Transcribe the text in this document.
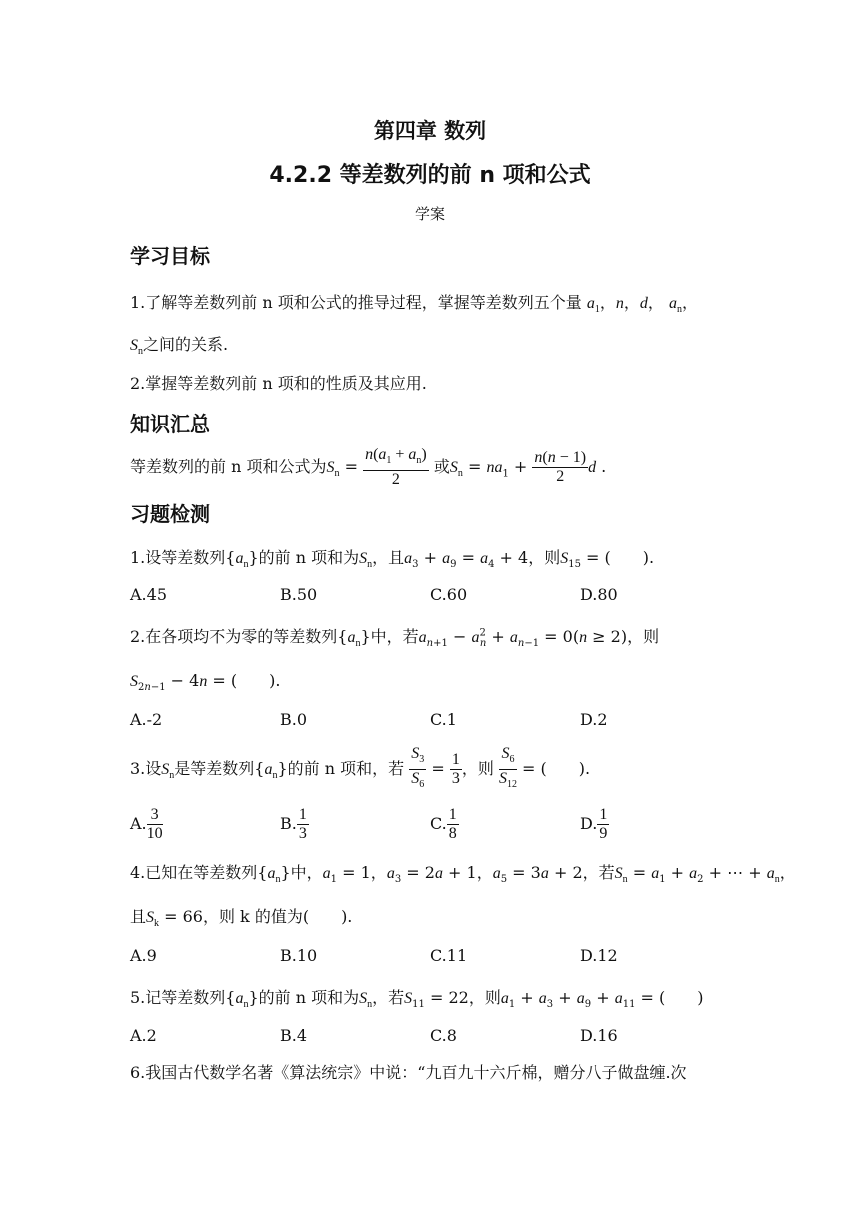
第四章 数列
4.2.2 等差数列的前 n 项和公式
学案
学习目标
1.了解等差数列前 n 项和公式的推导过程，掌握等差数列五个量 $a_1$，n，d， $a_n$，
$S_n$之间的关系.
2.掌握等差数列前 n 项和的性质及其应用.
知识汇总
等差数列的前 n 项和公式为$S_n = \frac{n(a_1 + a_n)}{2}$ 或$S_n = na_1 + \frac{n(n - 1)}{2}$ d .
习题检测
1.设等差数列$\{a_n\}$的前 n 项和为$S_n$，且$a_3 + a_9 = a_4 + 4$，则$S_{15}$ = (　　).
A.45	B.50	C.60	D.80
2.在各项均不为零的等差数列$\{a_n\}$中，若$a_{n+1} - a^2_n + a_{n-1} = 0(n \ge 2)$，则
$S_{2n-1} - 4n$ = (　　).
A.-2	B.0	C.1	D.2
3.设$S_n$是等差数列$\{a_n\}$的前 n 项和，若 $\frac{S_3}{S_6} = \frac{1}{3}$ ，则 $\frac{S_6}{S_{12}}$ = (　　).
A. $\frac{3}{10}$	B. $\frac{1}{3}$	C. $\frac{1}{8}$	D. $\frac{1}{9}$
4.已知在等差数列$\{a_n\}$中，$a_1 = 1$，$a_3 = 2a + 1$，$a_5 = 3a + 2$，若$S_n = a_1 + a_2$ + ⋯ + $a_n$，
且$S_k = 66$，则 k 的值为(　　).
A.9	B.10	C.11	D.12
5.记等差数列$\{a_n\}$的前 n 项和为$S_n$，若$S_{11} = 22$，则$a_1 + a_3 + a_9 + a_{11}$ = (　　)
A.2	B.4	C.8	D.16
6.我国古代数学名著《算法统宗》中说：“九百九十六斤棉，赠分八子做盘缠.次
